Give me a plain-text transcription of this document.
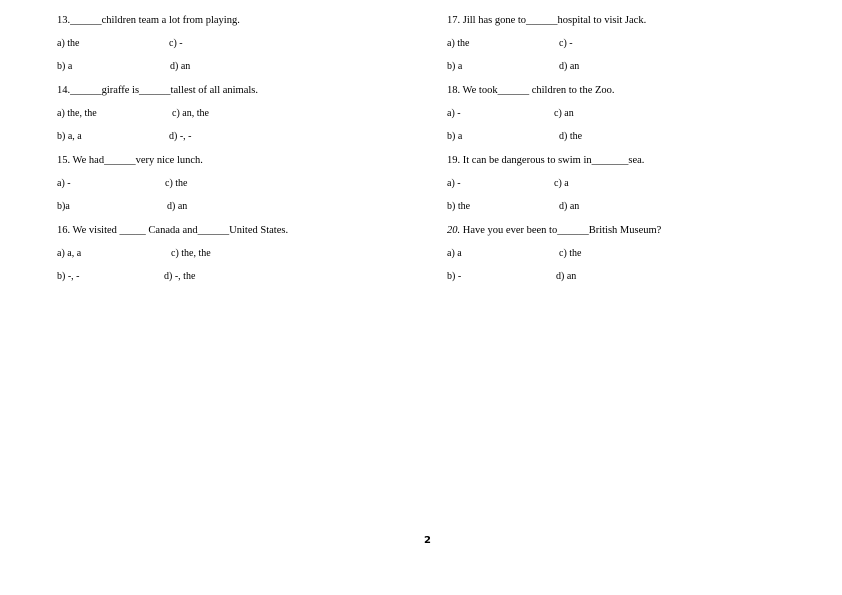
13.______children team a lot from playing.
a) the	c) -
b) a	d) an
14.______giraffe is______tallest of all animals.
a) the, the	c) an, the
b) a, a	d) -, -
15. We had______very nice lunch.
a) -	c) the
b)a	d) an
16. We visited _____ Canada and______United States.
a) a, a	c) the, the
b) -, -	d) -, the
17. Jill has gone to______hospital to visit Jack.
a) the	c) -
b) a	d) an
18. We took______ children to the Zoo.
a) -	c) an
b) a	d) the
19. It can be dangerous to swim in_______sea.
a) -	c) a
b) the	d) an
20. Have you ever been to______British Museum?
a) a	c) the
b) -	d) an
2
